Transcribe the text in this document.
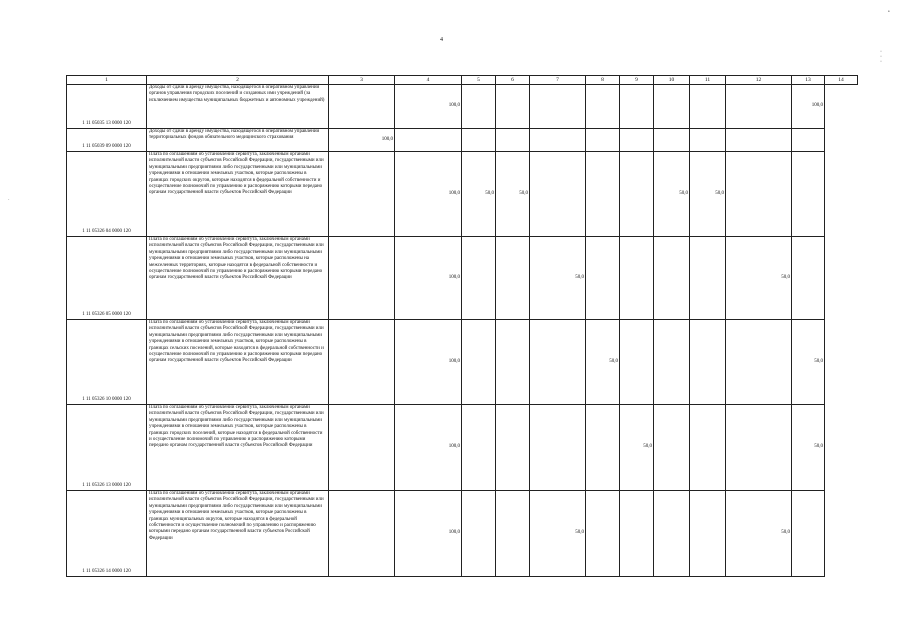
4
•
·
·
·
·
1	2	3	4	5	6	7	8	9	10	11	12	13	14
1 11 05035 13 0000 120	Доходы от сдачи в аренду имущества, находящегося в оперативном управлении органов управления городских поселений и созданных ими учреждений (за исключением имущества муниципальных бюджетных и автономных учреждений)		100,0									100,0	
1 11 05039 09 0000 120	Доходы от сдачи в аренду имущества, находящегося в оперативном управлении территориальных фондов обязательного медицинского страхования	100,0											
1 11 05326 04 0000 120	Плата по соглашениям об установлении сервитута, заключенным органами исполнительной власти субъектов Российской Федерации, государственными или муниципальными предприятиями либо государственными или муниципальными учреждениями в отношении земельных участков, которые расположены в границах городских округов, которые находятся в федеральной собственности и осуществление полномочий по управлению и распоряжению которыми передано органам государственной власти субъектов Российской Федерации		100,0	50,0	50,0				50,0	50,0			
1 11 05326 05 0000 120	Плата по соглашениям об установлении сервитута, заключенным органами исполнительной власти субъектов Российской Федерации, государственными или муниципальными предприятиями либо государственными или муниципальными учреждениями в отношении земельных участков, которые расположены на межселенных территориях, которые находятся в федеральной собственности и осуществление полномочий по управлению и распоряжению которыми передано органам государственной власти субъектов Российской Федерации		100,0			50,0					50,0		
1 11 05326 10 0000 120	Плата по соглашениям об установлении сервитута, заключенным органами исполнительной власти субъектов Российской Федерации, государственными или муниципальными предприятиями либо государственными или муниципальными учреждениями в отношении земельных участков, которые расположены в границах сельских поселений, которые находятся в федеральной собственности и осуществление полномочий по управлению и распоряжению которыми передано органам государственной власти субъектов Российской Федерации		100,0				50,0					50,0	
1 11 05326 13 0000 120	Плата по соглашениям об установлении сервитута, заключенным органами исполнительной власти субъектов Российской Федерации, государственными или муниципальными предприятиями либо государственными или муниципальными учреждениями в отношении земельных участков, которые расположены в границах городских поселений, которые находятся в федеральной собственности и осуществление полномочий по управлению и распоряжению которыми передано органам государственной власти субъектов Российской Федерации		100,0					50,0				50,0	
1 11 05326 14 0000 120	Плата по соглашениям об установлении сервитута, заключенным органами исполнительной власти субъектов Российской Федерации, государственными или муниципальными предприятиями либо государственными или муниципальными учреждениями в отношении земельных участков, которые расположены в границах муниципальных округов, которые находятся в федеральной собственности и осуществление полномочий по управлению и распоряжению которыми передано органам государственной власти субъектов Российской Федерации		100,0			50,0					50,0		
